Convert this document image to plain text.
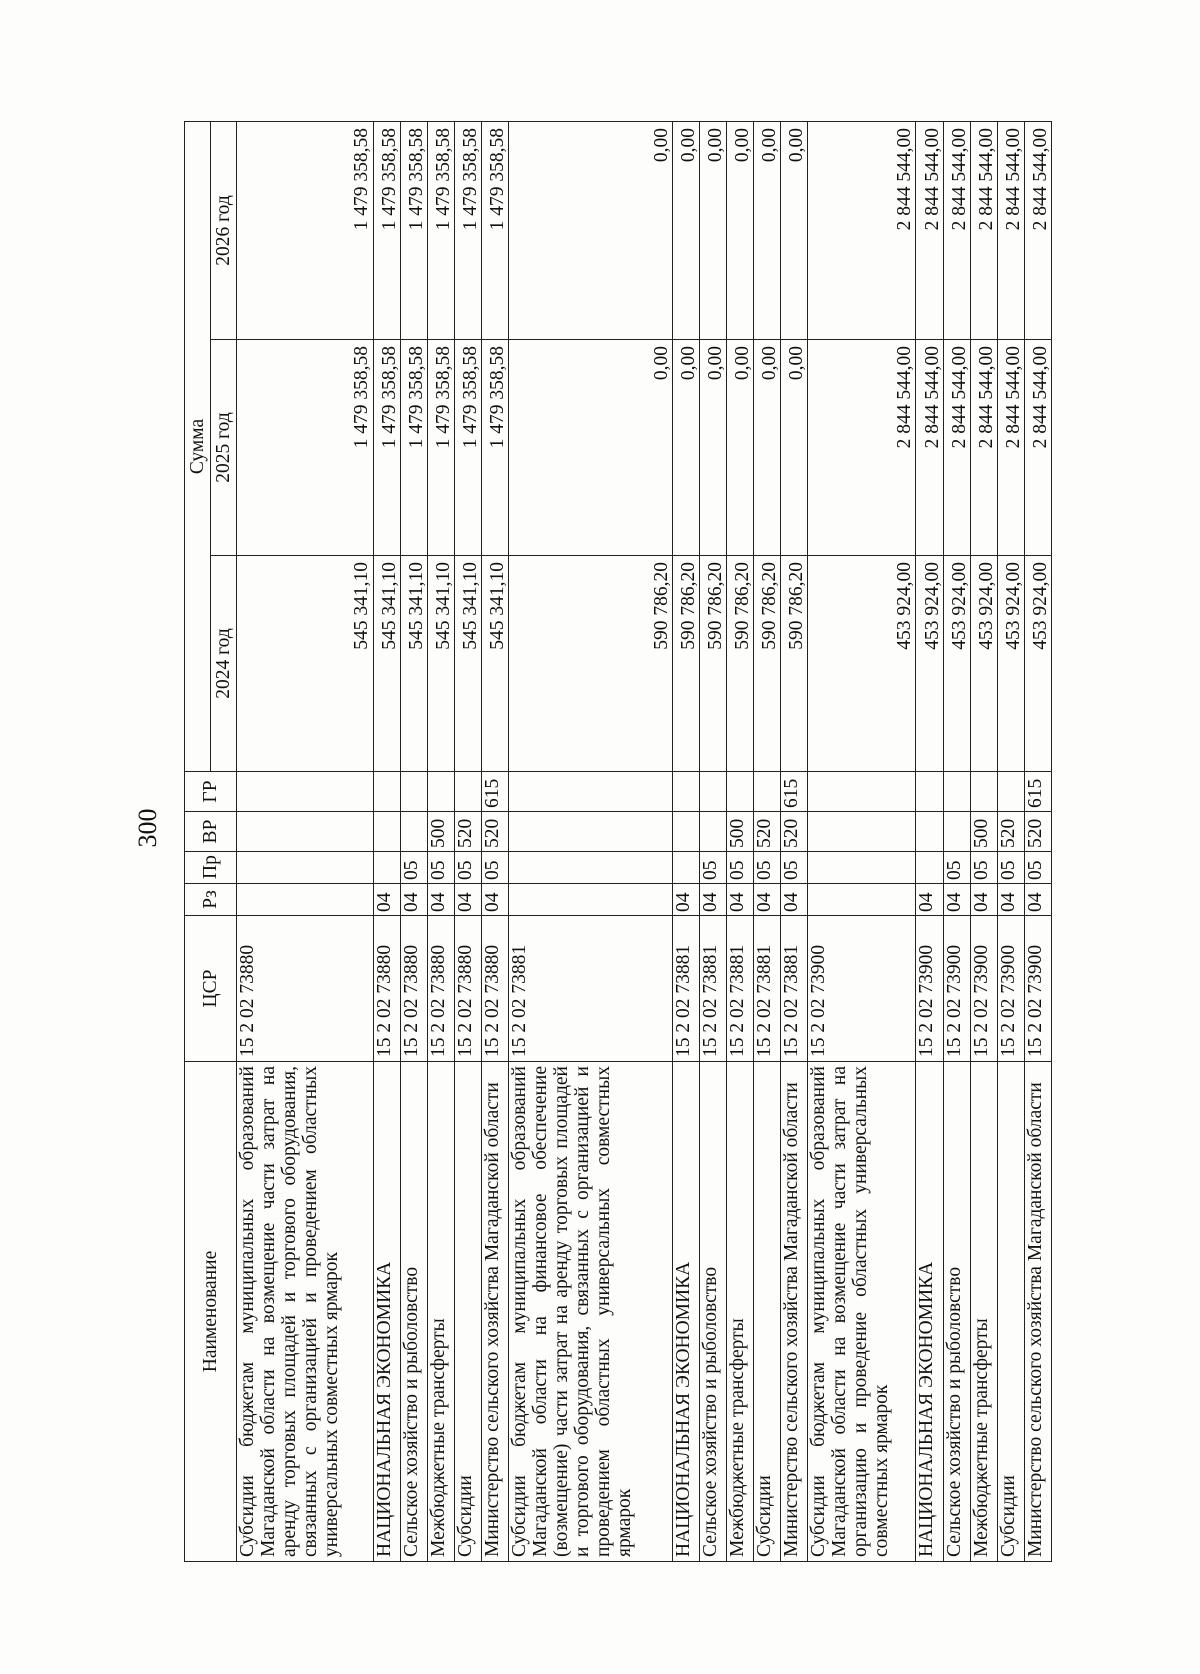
300
Наименование	ЦСР	Рз	Пр	ВР	ГР	Сумма		
						2024 год	2025 год	2026 год
Субсидии бюджетам муниципальных образований Магаданской области на возмещение части затрат на аренду торговых площадей и торгового оборудования, связанных с организацией и проведением областных универсальных совместных ярмарок	15 2 02 73880					545 341,10	1 479 358,58	1 479 358,58
НАЦИОНАЛЬНАЯ ЭКОНОМИКА	15 2 02 73880	04				545 341,10	1 479 358,58	1 479 358,58
Сельское хозяйство и рыболовство	15 2 02 73880	04	05			545 341,10	1 479 358,58	1 479 358,58
Межбюджетные трансферты	15 2 02 73880	04	05	500		545 341,10	1 479 358,58	1 479 358,58
Субсидии	15 2 02 73880	04	05	520		545 341,10	1 479 358,58	1 479 358,58
Министерство сельского хозяйства Магаданской области	15 2 02 73880	04	05	520	615	545 341,10	1 479 358,58	1 479 358,58
Субсидии бюджетам муниципальных образований Магаданской области на финансовое обеспечение (возмещение) части затрат на аренду торговых площадей и торгового оборудования, связанных с организацией и проведением областных универсальных совместных ярмарок	15 2 02 73881					590 786,20	0,00	0,00
НАЦИОНАЛЬНАЯ ЭКОНОМИКА	15 2 02 73881	04				590 786,20	0,00	0,00
Сельское хозяйство и рыболовство	15 2 02 73881	04	05			590 786,20	0,00	0,00
Межбюджетные трансферты	15 2 02 73881	04	05	500		590 786,20	0,00	0,00
Субсидии	15 2 02 73881	04	05	520		590 786,20	0,00	0,00
Министерство сельского хозяйства Магаданской области	15 2 02 73881	04	05	520	615	590 786,20	0,00	0,00
Субсидии бюджетам муниципальных образований Магаданской области на возмещение части затрат на организацию и проведение областных универсальных совместных ярмарок	15 2 02 73900					453 924,00	2 844 544,00	2 844 544,00
НАЦИОНАЛЬНАЯ ЭКОНОМИКА	15 2 02 73900	04				453 924,00	2 844 544,00	2 844 544,00
Сельское хозяйство и рыболовство	15 2 02 73900	04	05			453 924,00	2 844 544,00	2 844 544,00
Межбюджетные трансферты	15 2 02 73900	04	05	500		453 924,00	2 844 544,00	2 844 544,00
Субсидии	15 2 02 73900	04	05	520		453 924,00	2 844 544,00	2 844 544,00
Министерство сельского хозяйства Магаданской области	15 2 02 73900	04	05	520	615	453 924,00	2 844 544,00	2 844 544,00
